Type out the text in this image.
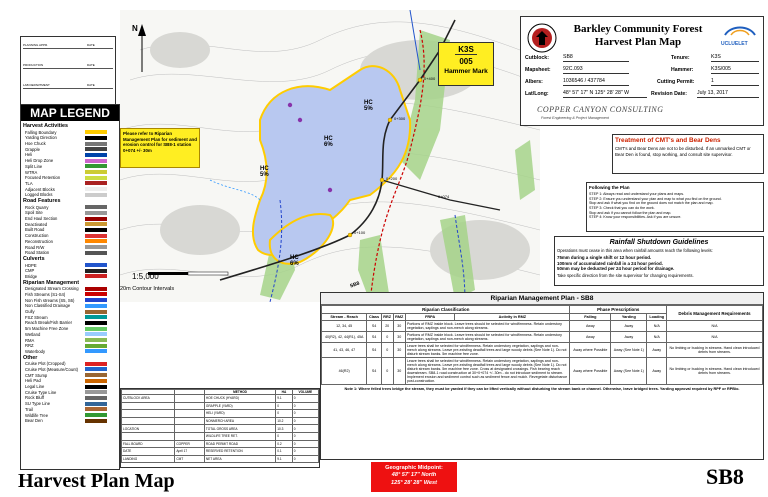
PLANNING APPR.	DATE
PRODUCTION	DATE
LAB DEPARTMENT	DATE
MAP LEGEND
Harvest Activities
Falling Boundary
Yarding Direction
Hoe Chuck
Grapple
Heli
Heli Drop Zone
Split Line
WTRA
Focused Retention
TLA
Adjacent Blocks
Logged Blocks
Road Features
Rock Quarry
Spoil Site
End Haul Section
Deactivated
Built Road
Construction
Reconstruction
Road R/W
Road Station
Culverts
HDPE
CMP
Bridge
Riparian Management
Designated Stream Crossing
Fish Streams (S1-S4)
Non Fish streams (S5, S6)
Non Classified Drainage
Gully
FSZ Stream
Reach Break/Fish Barrier
5m Machine Free Zone
Wetland
RMA
RRZ
Waterbody
Other
Cruise Plot (Cropped)
Cruise Plot (Measure/Count)
CMT Stump
Heli Pad
Legal Line
Cruise Type Line
Rock Bluff
SU Type Line
Trail
Wildlife Tree
Bear Den
N
1:5,000
20m Contour Intervals
Please refer to Riparian Management Plan for sediment and erosion control for SB8-1 station 0+074 +/- 30m
HC
6%
HC
5%
HC
5%
HC
6%
SB8
0+100
0+200
0+300
0+400
0+074
K3S
005
Hammer Mark
Barkley Community Forest
Harvest Plan Map	UCLUELET
Cutblock:	SB8
Mapsheet: 92C.093
Albers:	1036546 / 437784
Lat/Long:	48° 57' 17" N 125° 28' 28" W
Tenure:	K3S
Hammer:	K3S/005
Cutting Permit:	1
Revision Date: July 13, 2017
COPPER CANYON CONSULTING
Forest Engineering & Project Management
Treatment of CMT's and Bear Dens
CMT's and Bear Dens are not to be disturbed. If an unmarked CMT or Bear Den is found, stop working, and consult site supervisor.
Following the Plan
STEP 1: Always read and understand your plans and maps.
STEP 2: Ensure you understand your plan and map to what you find on the ground.
Stop and ask if what you find on the ground does not match the plan and map.
STEP 3: Check that you can do the work.
Stop and ask if you cannot follow the plan and map.
STEP 4: Know your responsibilities. Ask if you are unsure.
Rainfall Shutdown Guidelines
Operations must cease in this area when rainfall amounts reach the following levels:
75mm during a single shift or 12 hour period.
100mm of accumulated rainfall in a 24 hour period.
50mm may be deducted per 24 hour period for drainage.
Take specific direction from the site supervisor for changing requirements.
Riparian Management Plan - SB8
Riparian Classification						Phase Prescriptions			Debris Management Requirements
Stream - Reach	Class	RRZ	RMZ	FRPA	Activity in RMZ	Falling	Yarding	Loading	
12, 34, 45	S4	20	30	Portions of RMZ inside block. Leave trees should be selected for windfirmness. Retain understory vegetation, saplings and non-merch along streams.		Away	Away	N/A	N/A
40(R2), 42, 44(R1), 45A	S4	0	30	Portions of RMZ inside block. Leave trees should be selected for windfirmness. Retain understory vegetation, saplings and non-merch along streams.		Away	Away	N/A	N/A
41, 43, 46, 47	S4	0	30	Leave trees shall be selected for windfirmness. Retain understory vegetation, saplings and non-merch along streams. Leave pre-existing deadfall trees and large woody debris (See Note 1). Do not disturb stream banks. 5m machine free zone.		Away where Possible	Away (See Note 1)	Away	No limbing or bucking in streams. Hand clean introduced debris from streams.
46(R2)	S4	0	30	Leave trees shall be selected for windfirmness. Retain understory vegetation, saplings and non-merch along streams. Leave pre-existing deadfall trees and large woody debris (See Note 1). Do not disturb stream banks. 5m machine free zone. Cross at designated crossings. Fish bearing reach downstream. SB8-1 road construction at 30+0+074 +/- 30m - do not introduce sediment to stream. Implement erosion and sediment control such as sediment fence and mulch. Revegetate disturbance post-construction.		Away where Possible	Away (See Note 1)	Away	No limbing or bucking in streams. Hand clean introduced debris from streams.
Note 1: Where felled trees bridge the stream, they must be yarded if they can be lifted vertically without disturbing the stream bank or channel. Otherwise, leave bridged trees. Yarding approval required by RPF or RPBio.
		METHOD	HA	VOLUME
CUTBLOCK AREA		HOE CHUCK (HYARD)	9.1	0
		GRAPPLE (YARD)	0	0
		HELI (YARD)	0	0
		NONMERCH AREA	10.2	0
LOCATION		TOTAL GROSS AREA	10.3	0
		WILDLIFE TREE RET.	0	0
FALL BOARD	COPPER	ROAD PERMIT ROAD	0.2	0
DATE	April 17	RESERVED RETENTION	0.1	0
LANDING	CMT	NET AREA	9.1	0
Geographic Midpoint:
48° 57' 17" North
125° 28' 28" West
Harvest Plan Map	SB8
